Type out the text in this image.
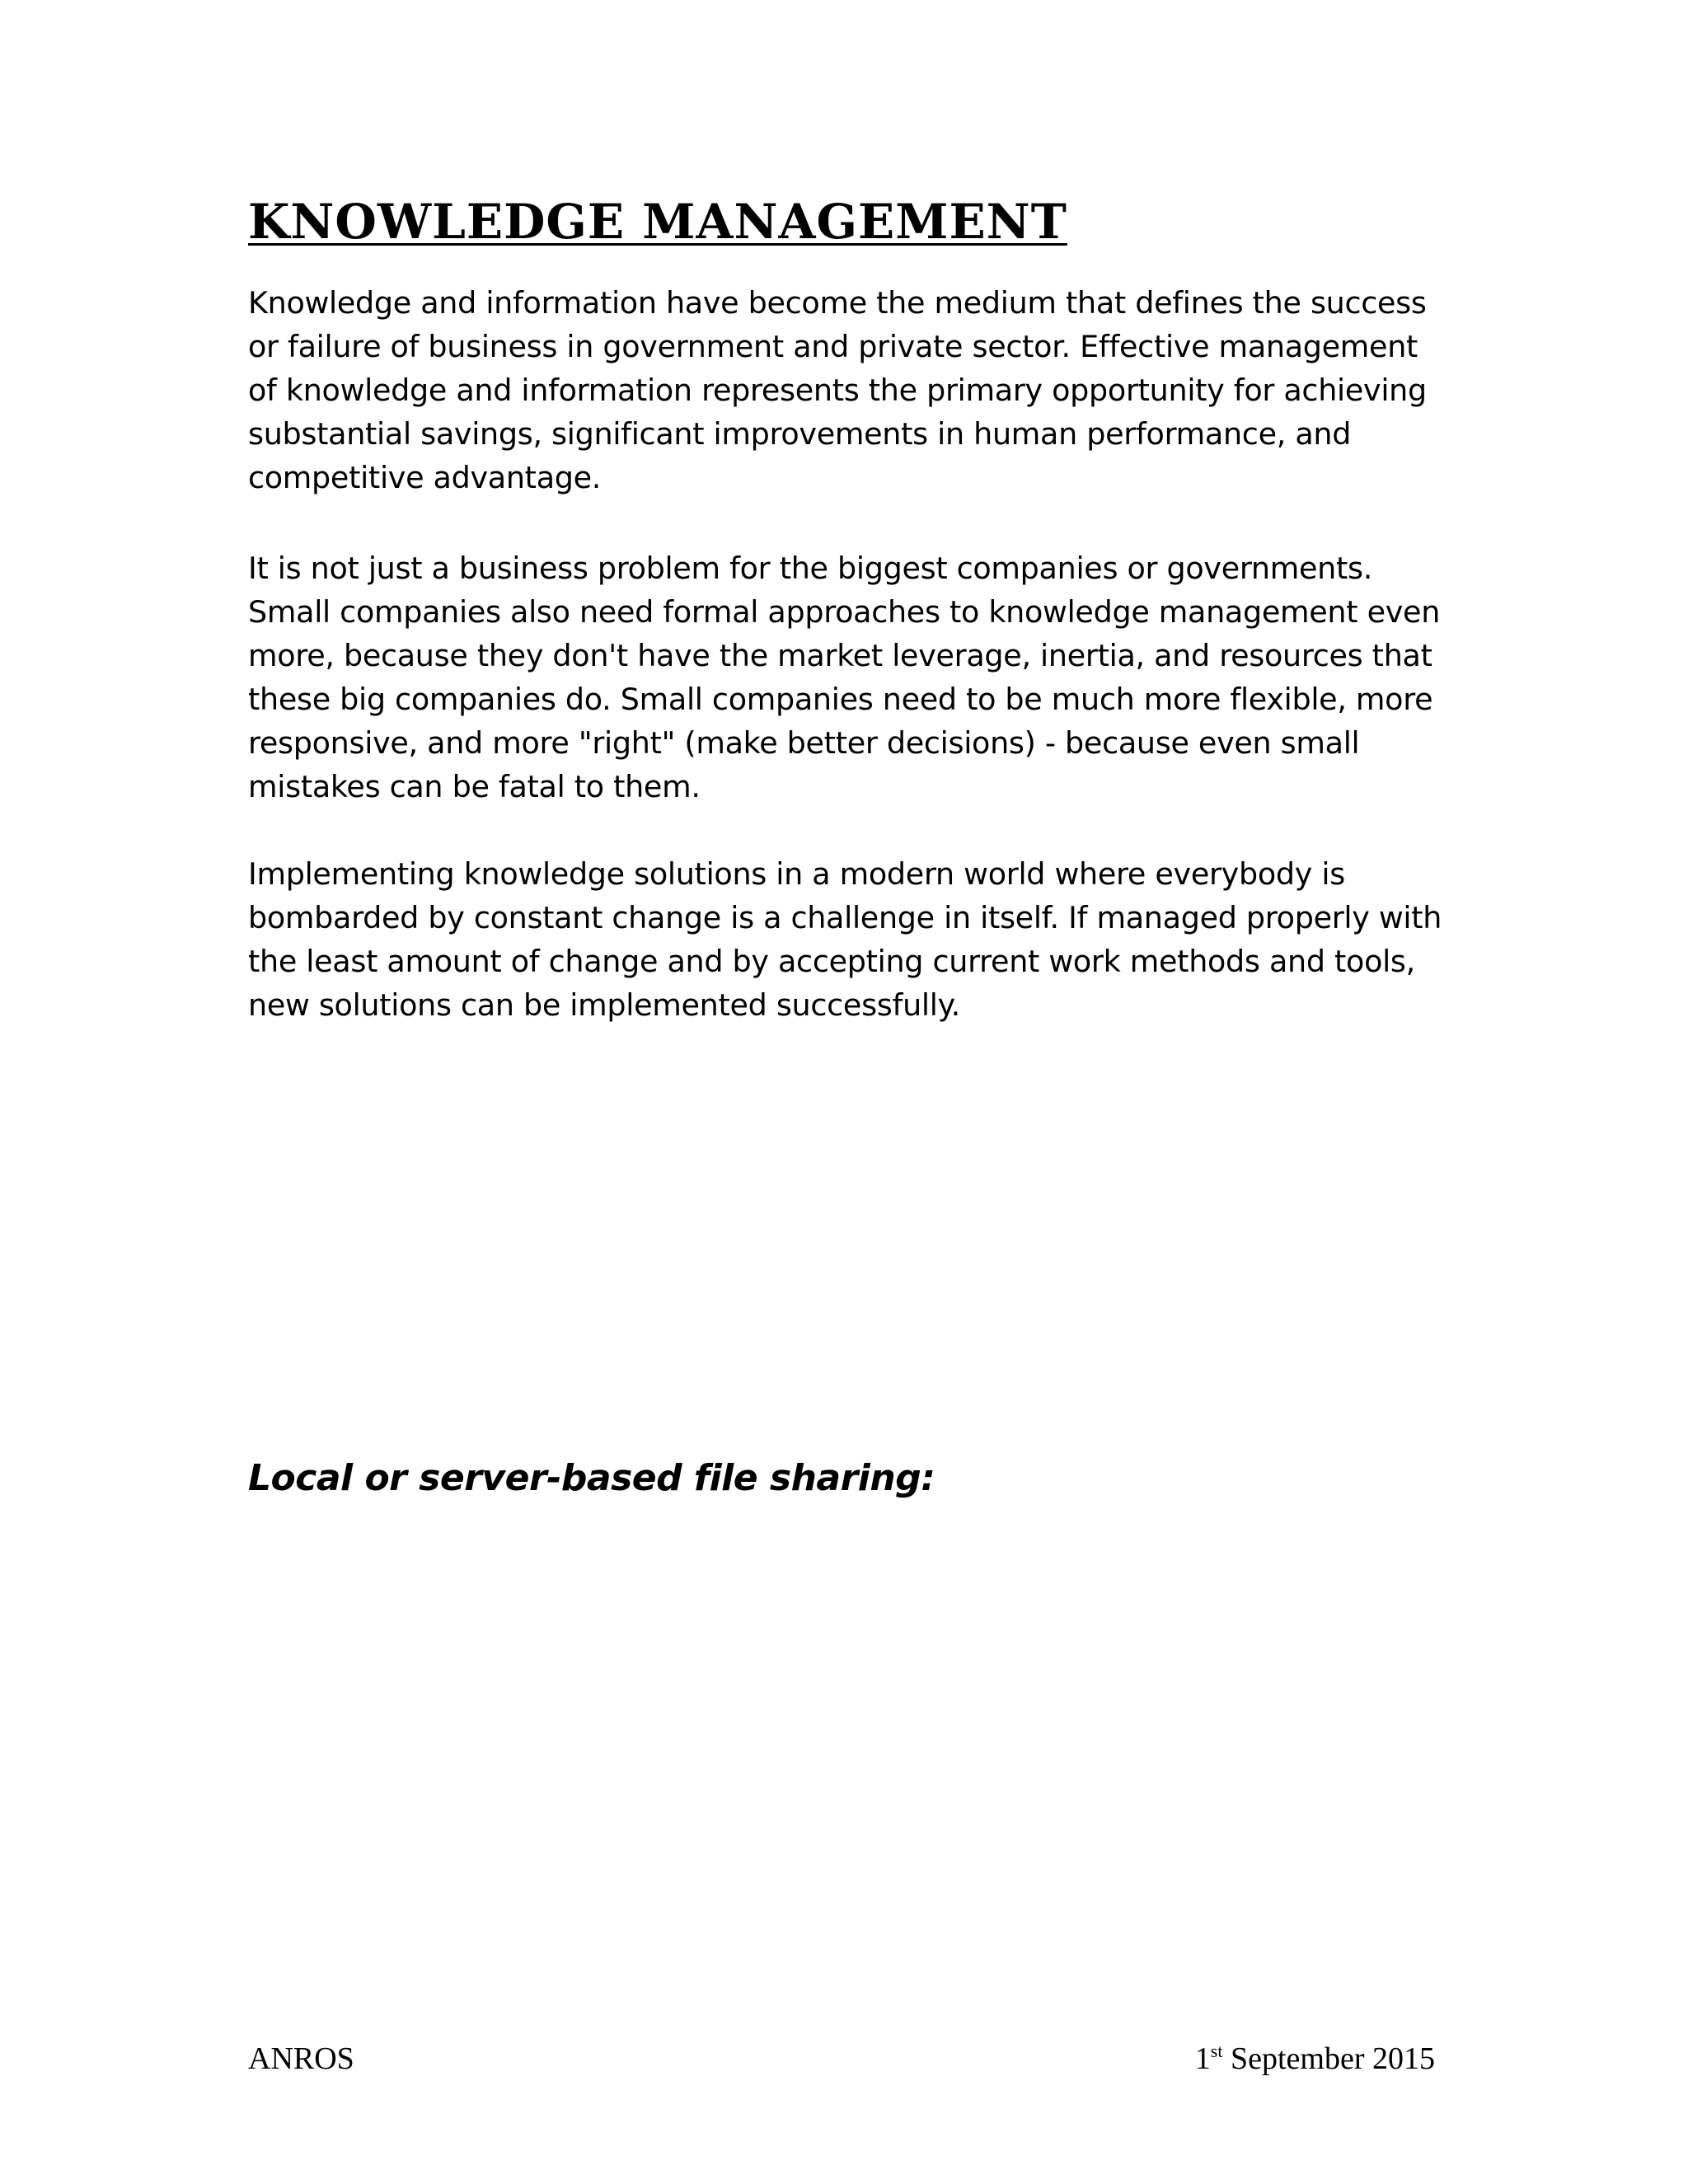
KNOWLEDGE MANAGEMENT

Knowledge and information have become the medium that defines the success or failure of business in government and private sector. Effective management of knowledge and information represents the primary opportunity for achieving substantial savings, significant improvements in human performance, and competitive advantage.

It is not just a business problem for the biggest companies or governments. Small companies also need formal approaches to knowledge management even more, because they don't have the market leverage, inertia, and resources that these big companies do. Small companies need to be much more flexible, more responsive, and more "right" (make better decisions) - because even small mistakes can be fatal to them.

Implementing knowledge solutions in a modern world where everybody is bombarded by constant change is a challenge in itself. If managed properly with the least amount of change and by accepting current work methods and tools, new solutions can be implemented successfully.

Local or server-based file sharing:
ANROS	1st September 2015
